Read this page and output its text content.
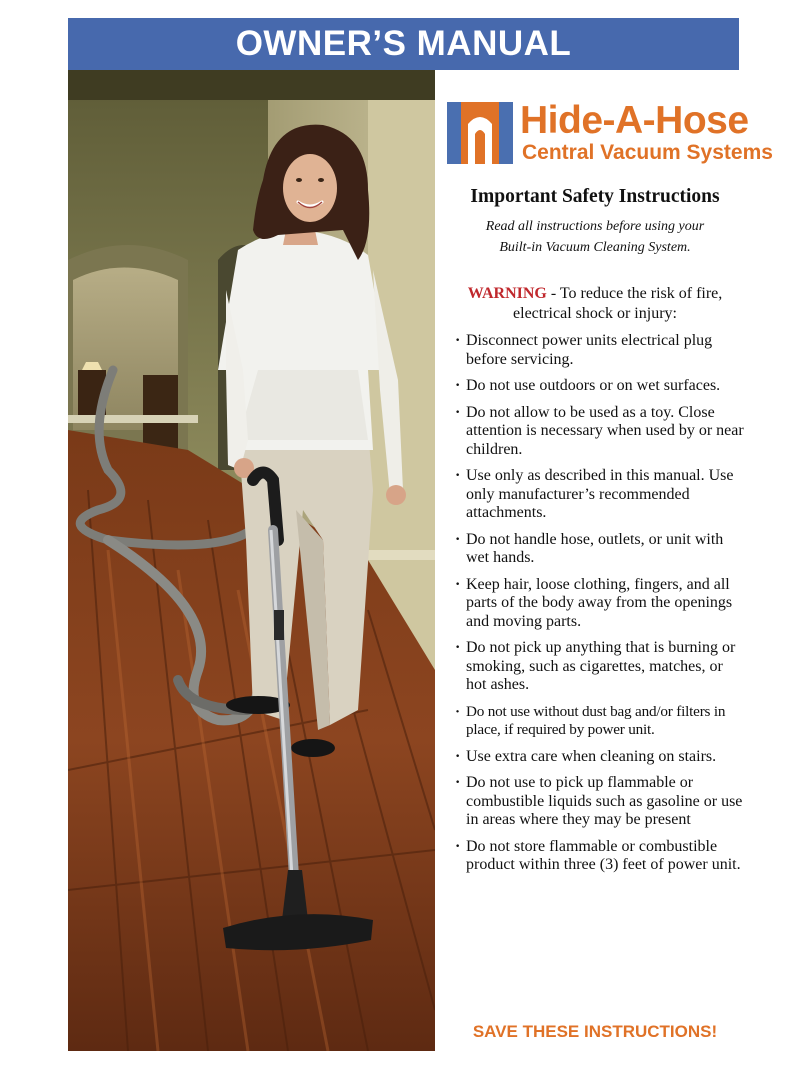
OWNER’S MANUAL
Hide-A-Hose
Central Vacuum Systems
Important Safety Instructions
Read all instructions before using your
Built-in Vacuum Cleaning System.
WARNING - To reduce the risk of fire, electrical shock or injury:
· Disconnect power units electrical plug before servicing.
· Do not use outdoors or on wet surfaces.
· Do not allow to be used as a toy. Close attention is necessary when used by or near children.
· Use only as described in this manual. Use only manufacturer’s recommended attachments.
· Do not handle hose, outlets, or unit with wet hands.
· Keep hair, loose clothing, fingers, and all parts of the body away from the openings and moving parts.
· Do not pick up anything that is burning or smoking, such as cigarettes, matches, or hot ashes.
· Do not use without dust bag and/or filters in place, if required by power unit.
· Use extra care when cleaning on stairs.
· Do not use to pick up flammable or combustible liquids such as gasoline or use in areas where they may be present
· Do not store flammable or combustible product within three (3) feet of power unit.
SAVE THESE INSTRUCTIONS!
